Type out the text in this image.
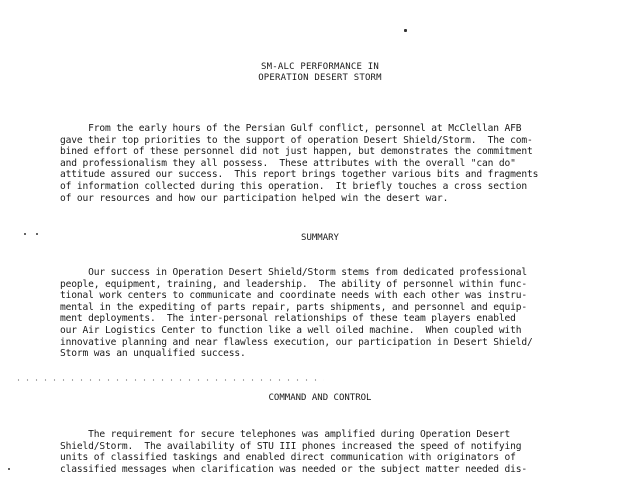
SM-ALC PERFORMANCE IN
OPERATION DESERT STORM
From the early hours of the Persian Gulf conflict, personnel at McClellan AFB
gave their top priorities to the support of operation Desert Shield/Storm.  The com-
bined effort of these personnel did not just happen, but demonstrates the commitment
and professionalism they all possess.  These attributes with the overall "can do"
attitude assured our success.  This report brings together various bits and fragments
of information collected during this operation.  It briefly touches a cross section
of our resources and how our participation helped win the desert war.
SUMMARY
Our success in Operation Desert Shield/Storm stems from dedicated professional
people, equipment, training, and leadership.  The ability of personnel within func-
tional work centers to communicate and coordinate needs with each other was instru-
mental in the expediting of parts repair, parts shipments, and personnel and equip-
ment deployments.  The inter-personal relationships of these team players enabled
our Air Logistics Center to function like a well oiled machine.  When coupled with
innovative planning and near flawless execution, our participation in Desert Shield/
Storm was an unqualified success.
COMMAND AND CONTROL
The requirement for secure telephones was amplified during Operation Desert
Shield/Storm.  The availability of STU III phones increased the speed of notifying
units of classified taskings and enabled direct communication with originators of
classified messages when clarification was needed or the subject matter needed dis-
